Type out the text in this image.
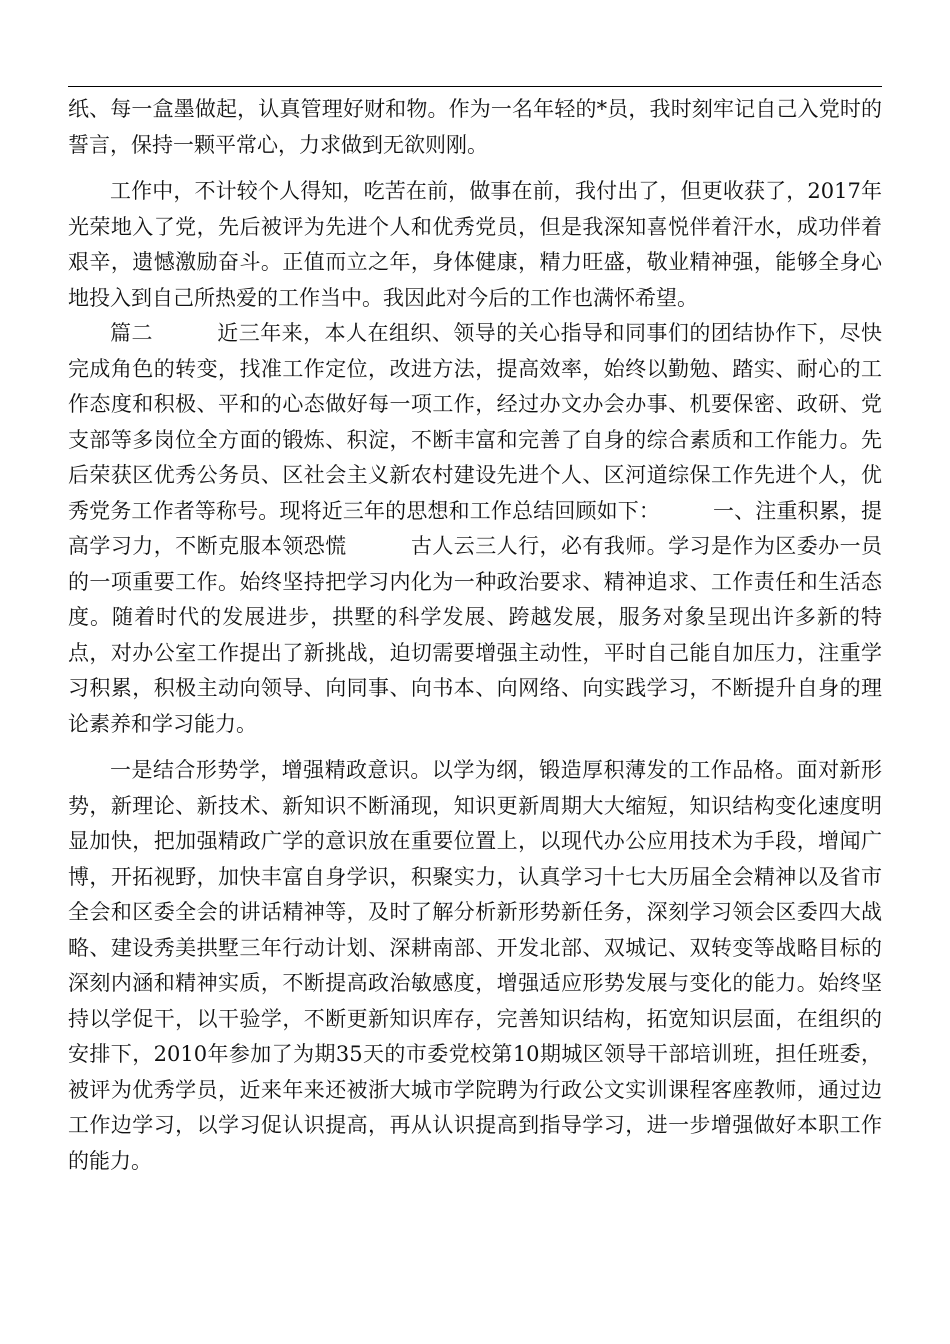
纸、每一盒墨做起，认真管理好财和物。作为一名年轻的*员，我时刻牢记自己入党时的誓言，保持一颗平常心，力求做到无欲则刚。

工作中，不计较个人得知，吃苦在前，做事在前，我付出了，但更收获了，2017年光荣地入了党，先后被评为先进个人和优秀党员，但是我深知喜悦伴着汗水，成功伴着艰辛，遗憾激励奋斗。正值而立之年，身体健康，精力旺盛，敬业精神强，能够全身心地投入到自己所热爱的工作当中。我因此对今后的工作也满怀希望。

篇二　　　近三年来，本人在组织、领导的关心指导和同事们的团结协作下，尽快完成角色的转变，找准工作定位，改进方法，提高效率，始终以勤勉、踏实、耐心的工作态度和积极、平和的心态做好每一项工作，经过办文办会办事、机要保密、政研、党支部等多岗位全方面的锻炼、积淀，不断丰富和完善了自身的综合素质和工作能力。先后荣获区优秀公务员、区社会主义新农村建设先进个人、区河道综保工作先进个人，优秀党务工作者等称号。现将近三年的思想和工作总结回顾如下：　　　一、注重积累，提高学习力，不断克服本领恐慌　　　古人云三人行，必有我师。学习是作为区委办一员的一项重要工作。始终坚持把学习内化为一种政治要求、精神追求、工作责任和生活态度。随着时代的发展进步，拱墅的科学发展、跨越发展，服务对象呈现出许多新的特点，对办公室工作提出了新挑战，迫切需要增强主动性，平时自己能自加压力，注重学习积累，积极主动向领导、向同事、向书本、向网络、向实践学习，不断提升自身的理论素养和学习能力。

一是结合形势学，增强精政意识。以学为纲，锻造厚积薄发的工作品格。面对新形势，新理论、新技术、新知识不断涌现，知识更新周期大大缩短，知识结构变化速度明显加快，把加强精政广学的意识放在重要位置上，以现代办公应用技术为手段，增闻广博，开拓视野，加快丰富自身学识，积聚实力，认真学习十七大历届全会精神以及省市全会和区委全会的讲话精神等，及时了解分析新形势新任务，深刻学习领会区委四大战略、建设秀美拱墅三年行动计划、深耕南部、开发北部、双城记、双转变等战略目标的深刻内涵和精神实质，不断提高政治敏感度，增强适应形势发展与变化的能力。始终坚持以学促干，以干验学，不断更新知识库存，完善知识结构，拓宽知识层面，在组织的安排下，2010年参加了为期35天的市委党校第10期城区领导干部培训班，担任班委，被评为优秀学员，近来年来还被浙大城市学院聘为行政公文实训课程客座教师，通过边工作边学习，以学习促认识提高，再从认识提高到指导学习，进一步增强做好本职工作的能力。
